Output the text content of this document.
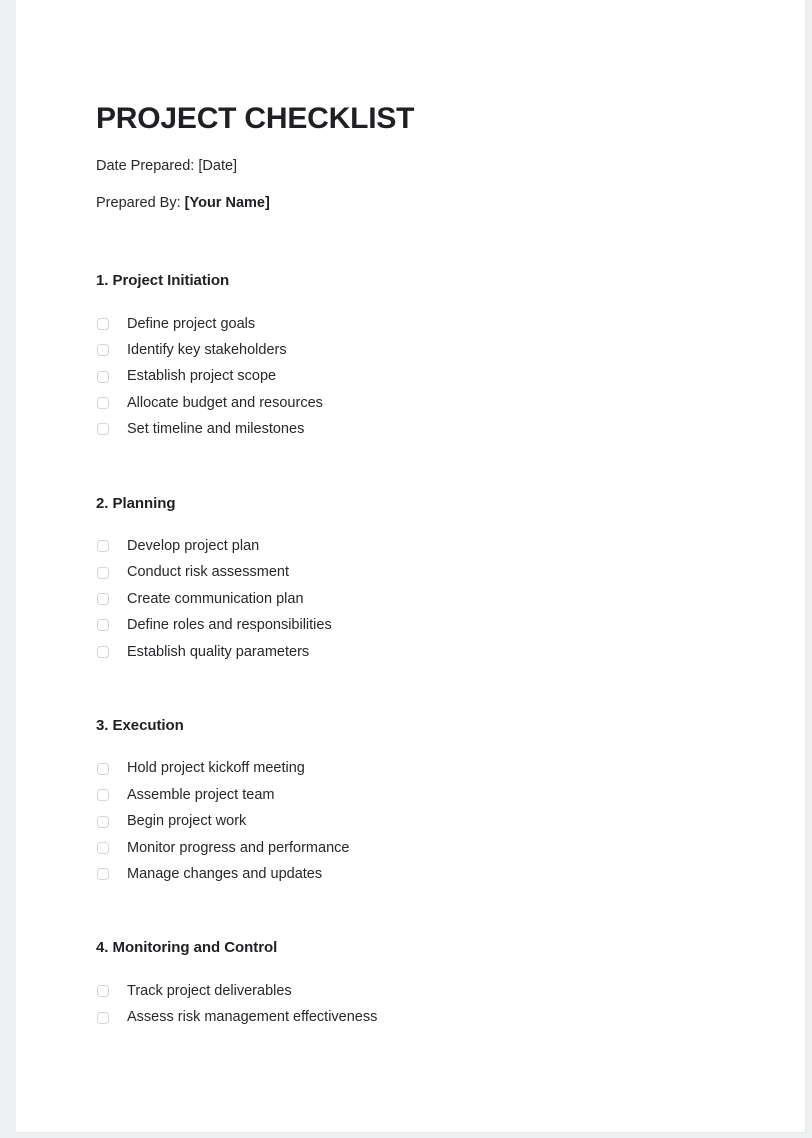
PROJECT CHECKLIST

Date Prepared: [Date]

Prepared By: [Your Name]

1. Project Initiation
Define project goals
Identify key stakeholders
Establish project scope
Allocate budget and resources
Set timeline and milestones
2. Planning
Develop project plan
Conduct risk assessment
Create communication plan
Define roles and responsibilities
Establish quality parameters
3. Execution
Hold project kickoff meeting
Assemble project team
Begin project work
Monitor progress and performance
Manage changes and updates
4. Monitoring and Control
Track project deliverables
Assess risk management effectiveness
